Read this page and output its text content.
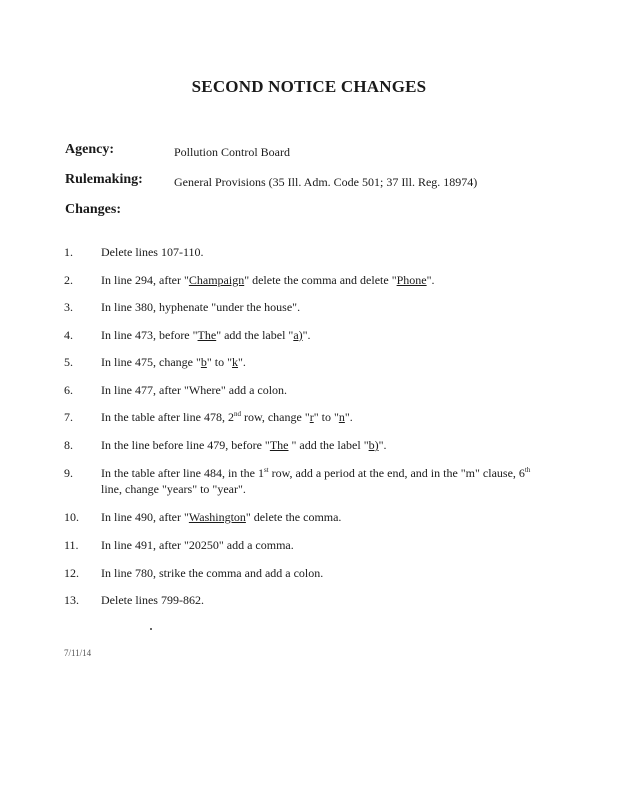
SECOND NOTICE CHANGES
Agency:	Pollution Control Board
Rulemaking:	General Provisions (35 Ill. Adm. Code 501; 37 Ill. Reg. 18974)
Changes:
1. Delete lines 107-110.
2. In line 294, after "Champaign" delete the comma and delete "Phone".
3. In line 380, hyphenate "under the house".
4. In line 473, before "The" add the label "a)".
5. In line 475, change "b" to "k".
6. In line 477, after "Where" add a colon.
7. In the table after line 478, 2nd row, change "r" to "n".
8. In the line before line 479, before "The " add the label "b)".
9. In the table after line 484, in the 1st row, add a period at the end, and in the "m" clause, 6th
line, change "years" to "year".
10. In line 490, after "Washington" delete the comma.
11. In line 491, after "20250" add a comma.
12. In line 780, strike the comma and add a colon.
13. Delete lines 799-862.
7/11/14
